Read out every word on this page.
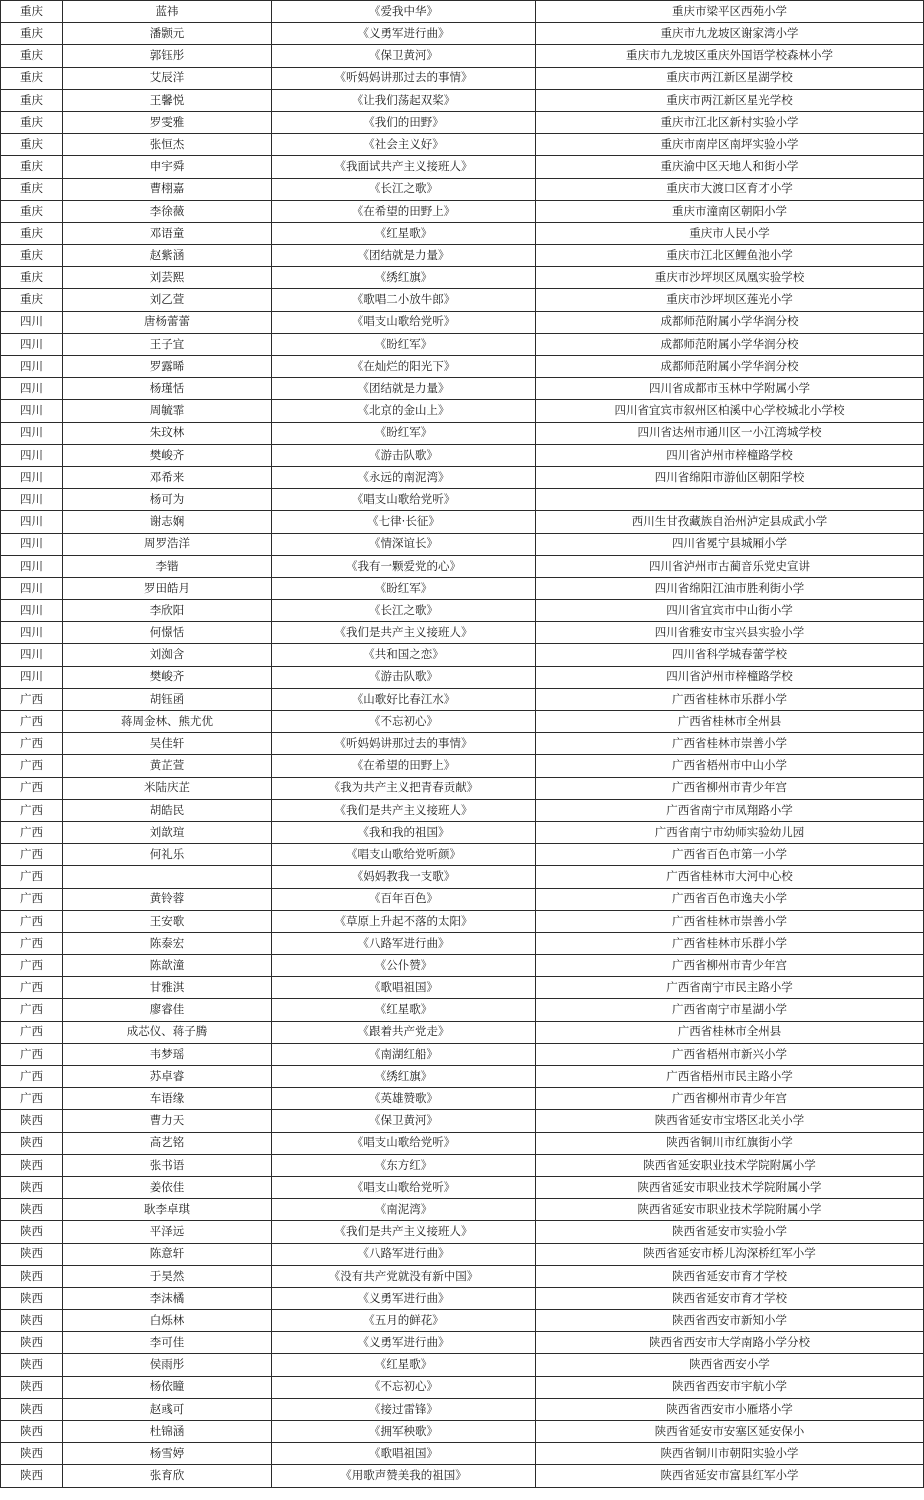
重庆	蓝祎	《爱我中华》	重庆市梁平区西苑小学
重庆	潘颢元	《义勇军进行曲》	重庆市九龙坡区谢家湾小学
重庆	郭钰彤	《保卫黄河》	重庆市九龙坡区重庆外国语学校森林小学
重庆	艾辰洋	《听妈妈讲那过去的事情》	重庆市两江新区星湖学校
重庆	王馨悦	《让我们荡起双桨》	重庆市两江新区星光学校
重庆	罗雯雅	《我们的田野》	重庆市江北区新村实验小学
重庆	张恒杰	《社会主义好》	重庆市南岸区南坪实验小学
重庆	申宇舜	《我面试共产主义接班人》	重庆渝中区天地人和街小学
重庆	曹栩嘉	《长江之歌》	重庆市大渡口区育才小学
重庆	李徐薇	《在希望的田野上》	重庆市潼南区朝阳小学
重庆	邓语童	《红星歌》	重庆市人民小学
重庆	赵紫涵	《团结就是力量》	重庆市江北区鲤鱼池小学
重庆	刘芸熙	《绣红旗》	重庆市沙坪坝区凤凰实验学校
重庆	刘乙萱	《歌唱二小放牛郎》	重庆市沙坪坝区莲光小学
四川	唐杨蕾蕾	《唱支山歌给党听》	成都师范附属小学华润分校
四川	王子宜	《盼红军》	成都师范附属小学华润分校
四川	罗露晞	《在灿烂的阳光下》	成都师范附属小学华润分校
四川	杨瑾恬	《团结就是力量》	四川省成都市玉林中学附属小学
四川	周毓霏	《北京的金山上》	四川省宜宾市叙州区柏溪中心学校城北小学校
四川	朱玟林	《盼红军》	四川省达州市通川区一小江湾城学校
四川	樊峻齐	《游击队歌》	四川省泸州市梓橦路学校
四川	邓希来	《永远的南泥湾》	四川省绵阳市游仙区朝阳学校
四川	杨可为	《唱支山歌给党听》	
四川	谢志娴	《七律·长征》	西川生甘孜藏族自治州泸定县成武小学
四川	周罗浩洋	《情深谊长》	四川省冕宁县城厢小学
四川	李锴	《我有一颗爱党的心》	四川省泸州市古蔺音乐党史宣讲
四川	罗田皓月	《盼红军》	四川省绵阳江油市胜利街小学
四川	李欣阳	《长江之歌》	四川省宜宾市中山街小学
四川	何憬恬	《我们是共产主义接班人》	四川省雅安市宝兴县实验小学
四川	刘洳含	《共和国之恋》	四川省科学城春蕾学校
四川	樊峻齐	《游击队歌》	四川省泸州市梓橦路学校
广西	胡钰函	《山歌好比春江水》	广西省桂林市乐群小学
广西	蒋周金林、熊尤优	《不忘初心》	广西省桂林市全州县
广西	吴佳轩	《听妈妈讲那过去的事情》	广西省桂林市崇善小学
广西	黄芷萱	《在希望的田野上》	广西省梧州市中山小学
广西	米陆庆芷	《我为共产主义把青春贡献》	广西省柳州市青少年宫
广西	胡皓民	《我们是共产主义接班人》	广西省南宁市凤翔路小学
广西	刘歆瑄	《我和我的祖国》	广西省南宁市幼师实验幼儿园
广西	何礼乐	《唱支山歌给党听颜》	广西省百色市第一小学
广西		《妈妈教我一支歌》	广西省桂林市大河中心校
广西	黄铃蓉	《百年百色》	广西省百色市逸夫小学
广西	王安歌	《草原上升起不落的太阳》	广西省桂林市崇善小学
广西	陈泰宏	《八路军进行曲》	广西省桂林市乐群小学
广西	陈歆潼	《公仆赞》	广西省柳州市青少年宫
广西	甘雅淇	《歌唱祖国》	广西省南宁市民主路小学
广西	廖睿佳	《红星歌》	广西省南宁市星湖小学
广西	成芯仪、蒋子腾	《跟着共产党走》	广西省桂林市全州县
广西	韦梦瑶	《南湖红船》	广西省梧州市新兴小学
广西	苏卓睿	《绣红旗》	广西省梧州市民主路小学
广西	车语缘	《英雄赞歌》	广西省柳州市青少年宫
陕西	曹力天	《保卫黄河》	陕西省延安市宝塔区北关小学
陕西	高艺铭	《唱支山歌给党听》	陕西省铜川市红旗街小学
陕西	张书语	《东方红》	陕西省延安职业技术学院附属小学
陕西	姜依佳	《唱支山歌给党听》	陕西省延安市职业技术学院附属小学
陕西	耿李卓琪	《南泥湾》	陕西省延安市职业技术学院附属小学
陕西	平泽远	《我们是共产主义接班人》	陕西省延安市实验小学
陕西	陈意轩	《八路军进行曲》	陕西省延安市桥儿沟深桥红军小学
陕西	于昊然	《没有共产党就没有新中国》	陕西省延安市育才学校
陕西	李沫橘	《义勇军进行曲》	陕西省延安市育才学校
陕西	白烁林	《五月的鲜花》	陕西省西安市新知小学
陕西	李可佳	《义勇军进行曲》	陕西省西安市大学南路小学分校
陕西	侯雨彤	《红星歌》	陕西省西安小学
陕西	杨依瞳	《不忘初心》	陕西省西安市宇航小学
陕西	赵彧可	《接过雷锋》	陕西省西安市小雁塔小学
陕西	杜锦涵	《拥军秧歌》	陕西省延安市安塞区延安保小
陕西	杨雪婷	《歌唱祖国》	陕西省铜川市朝阳实验小学
陕西	张育欣	《用歌声赞美我的祖国》	陕西省延安市富县红军小学
